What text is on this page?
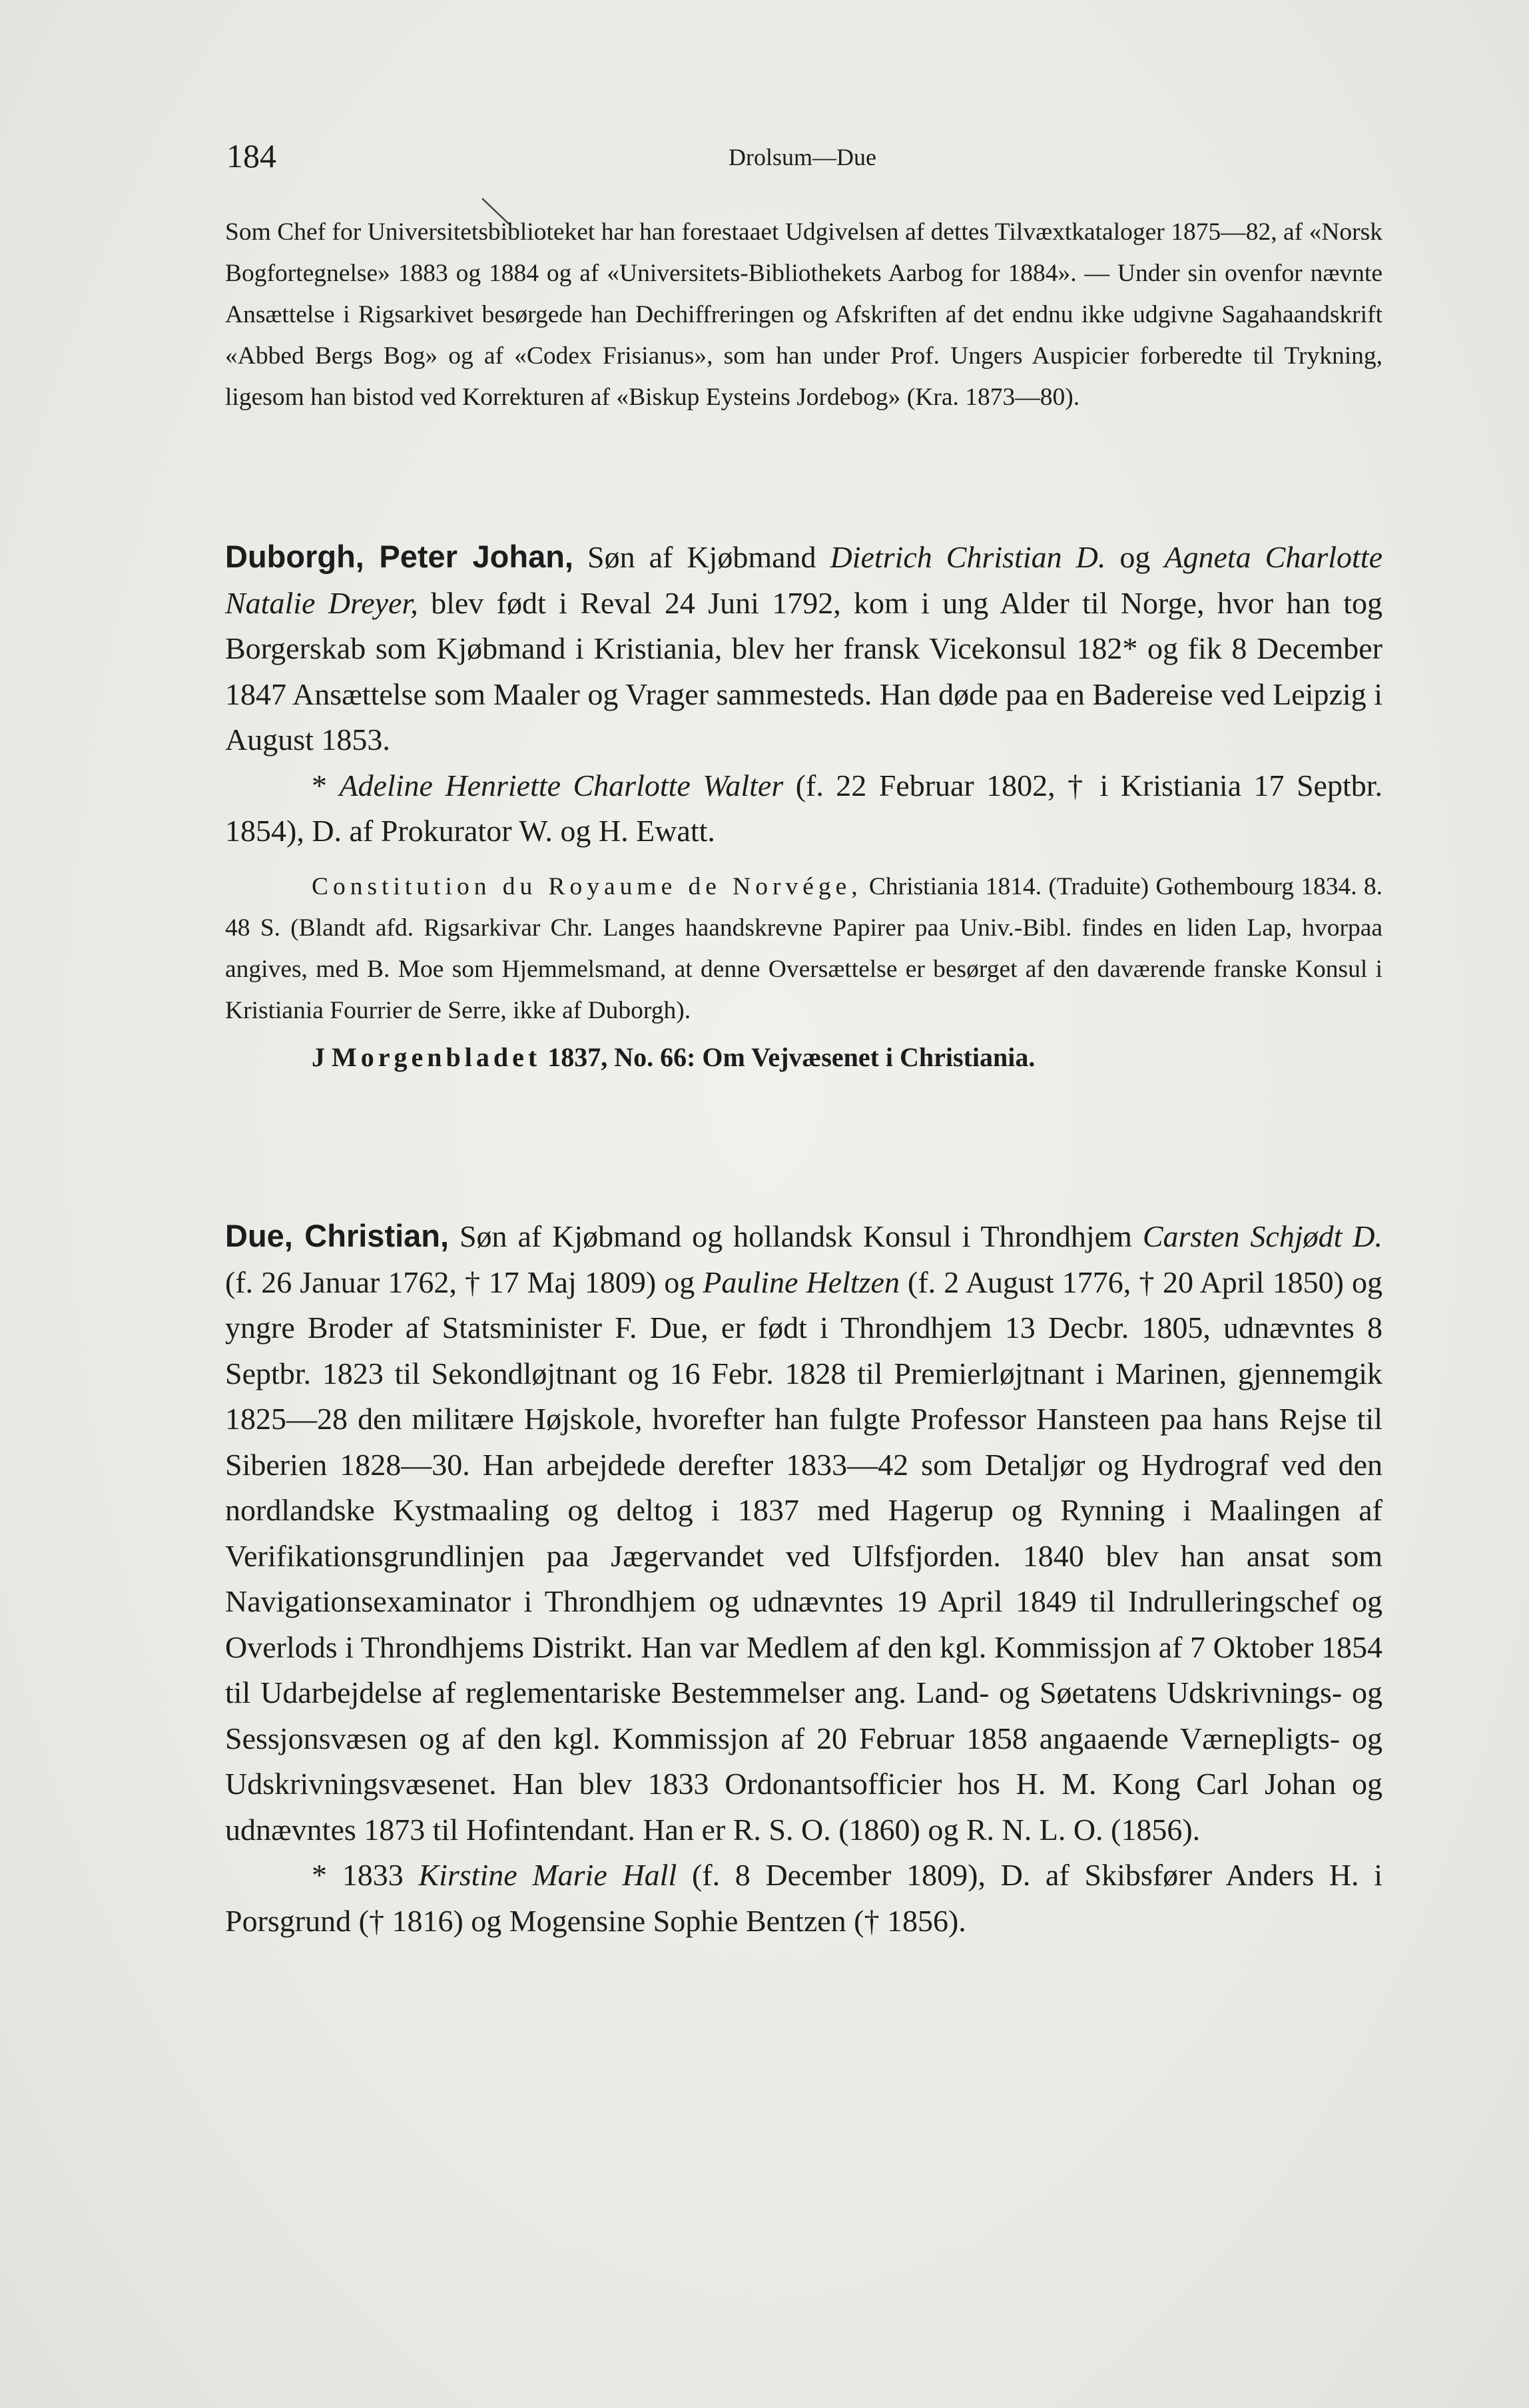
184	Drolsum—Due

Som Chef for Universitetsbiblioteket har han forestaaet Udgivelsen af dettes Tilvæxtkataloger 1875—82, af «Norsk Bogfortegnelse» 1883 og 1884 og af «Universitets-Bibliothekets Aarbog for 1884». — Under sin ovenfor nævnte Ansættelse i Rigsarkivet besørgede han Dechiffreringen og Afskriften af det endnu ikke udgivne Sagahaandskrift «Abbed Bergs Bog» og af «Codex Frisianus», som han under Prof. Ungers Auspicier forberedte til Trykning, ligesom han bistod ved Korrekturen af «Biskup Eysteins Jordebog» (Kra. 1873—80).

Duborgh, Peter Johan, Søn af Kjøbmand Dietrich Christian D. og Agneta Charlotte Natalie Dreyer, blev født i Reval 24 Juni 1792, kom i ung Alder til Norge, hvor han tog Borgerskab som Kjøbmand i Kristiania, blev her fransk Vicekonsul 182* og fik 8 December 1847 Ansættelse som Maaler og Vrager sammesteds. Han døde paa en Badereise ved Leipzig i August 1853.

* Adeline Henriette Charlotte Walter (f. 22 Februar 1802, † i Kristiania 17 Septbr. 1854), D. af Prokurator W. og H. Ewatt.

Constitution du Royaume de Norvége, Christiania 1814. (Traduite) Gothembourg 1834. 8. 48 S. (Blandt afd. Rigsarkivar Chr. Langes haandskrevne Papirer paa Univ.-Bibl. findes en liden Lap, hvorpaa angives, med B. Moe som Hjemmelsmand, at denne Oversættelse er besørget af den daværende franske Konsul i Kristiania Fourrier de Serre, ikke af Duborgh).

J Morgenbladet 1837, No. 66: Om Vejvæsenet i Christiania.

Due, Christian, Søn af Kjøbmand og hollandsk Konsul i Throndhjem Carsten Schjødt D. (f. 26 Januar 1762, † 17 Maj 1809) og Pauline Heltzen (f. 2 August 1776, † 20 April 1850) og yngre Broder af Statsminister F. Due, er født i Throndhjem 13 Decbr. 1805, udnævntes 8 Septbr. 1823 til Sekondløjtnant og 16 Febr. 1828 til Premierløjtnant i Marinen, gjennemgik 1825—28 den militære Højskole, hvorefter han fulgte Professor Hansteen paa hans Rejse til Siberien 1828—30. Han arbejdede derefter 1833—42 som Detaljør og Hydrograf ved den nordlandske Kystmaaling og deltog i 1837 med Hagerup og Rynning i Maalingen af Verifikationsgrundlinjen paa Jægervandet ved Ulfsfjorden. 1840 blev han ansat som Navigationsexaminator i Throndhjem og udnævntes 19 April 1849 til Indrulleringschef og Overlods i Throndhjems Distrikt. Han var Medlem af den kgl. Kommissjon af 7 Oktober 1854 til Udarbejdelse af reglementariske Bestemmelser ang. Land- og Søetatens Udskrivnings- og Sessjonsvæsen og af den kgl. Kommissjon af 20 Februar 1858 angaaende Værnepligts- og Udskrivningsvæsenet. Han blev 1833 Ordonantsofficier hos H. M. Kong Carl Johan og udnævntes 1873 til Hofintendant. Han er R. S. O. (1860) og R. N. L. O. (1856).

* 1833 Kirstine Marie Hall (f. 8 December 1809), D. af Skibsfører Anders H. i Porsgrund († 1816) og Mogensine Sophie Bentzen († 1856).
